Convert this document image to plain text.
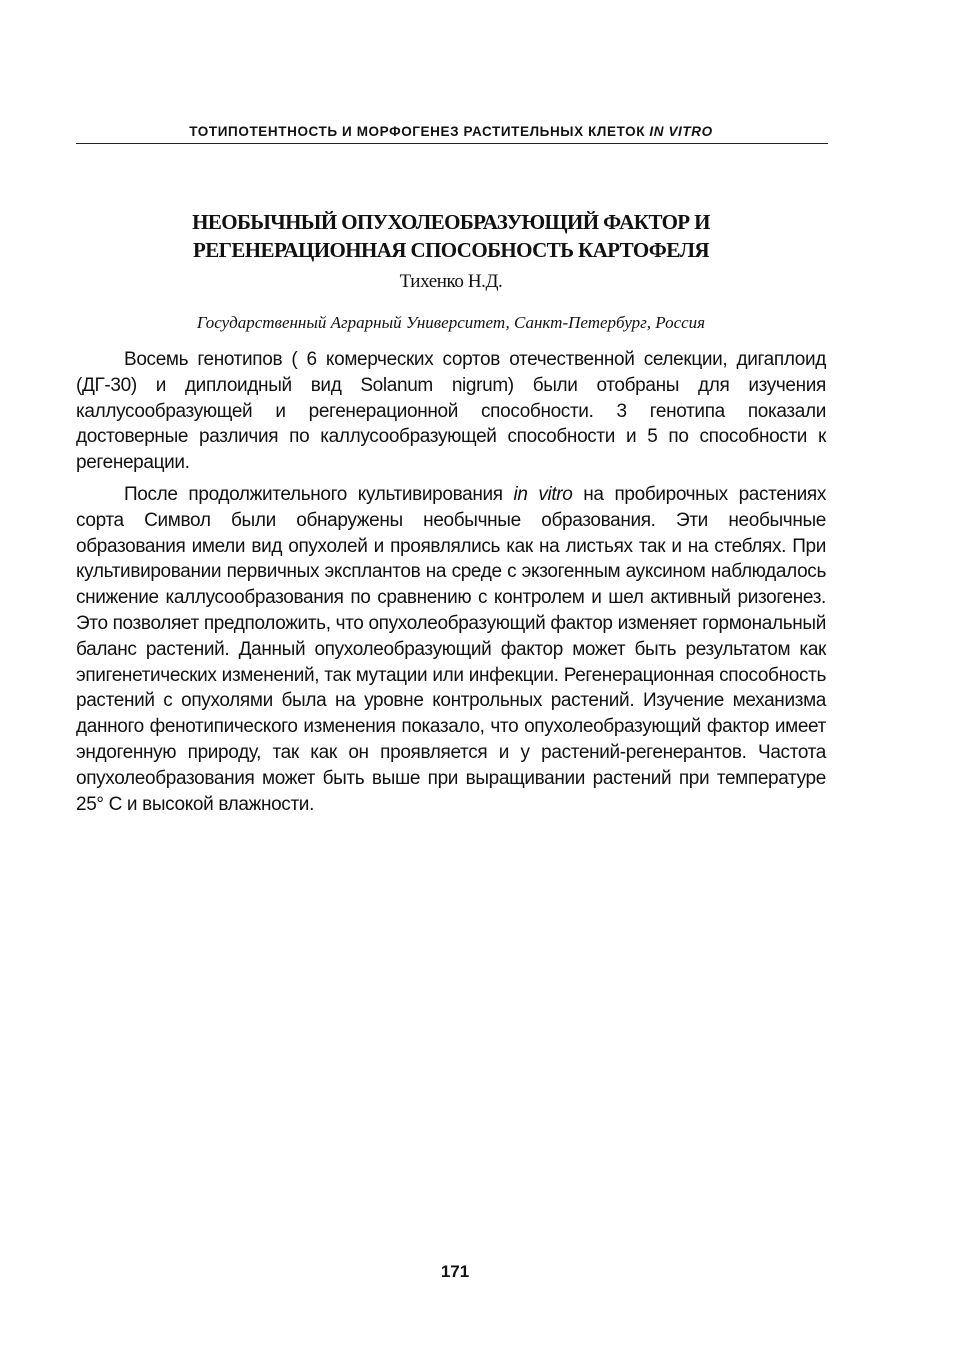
ТОТИПОТЕНТНОСТЬ И МОРФОГЕНЕЗ РАСТИТЕЛЬНЫХ КЛЕТОК IN VITRO
НЕОБЫЧНЫЙ ОПУХОЛЕОБРАЗУЮЩИЙ ФАКТОР И
РЕГЕНЕРАЦИОННАЯ СПОСОБНОСТЬ КАРТОФЕЛЯ
Тихенко Н.Д.
Государственный Аграрный Университет, Санкт-Петербург, Россия

Восемь генотипов ( 6 комерческих сортов отечественной селекции, дигаплоид (ДГ-30) и диплоидный вид Solanum nigrum) были отобраны для изучения каллусообразующей и регенерационной способности. 3 генотипа показали достоверные различия по каллусообразующей способности и 5 по способности к регенерации.

После продолжительного культивирования in vitro на пробирочных растениях сорта Символ были обнаружены необычные образования. Эти необычные образования имели вид опухолей и проявлялись как на листьях так и на стеблях. При культивировании первичных эксплантов на среде с экзогенным ауксином наблюдалось снижение каллусообразования по сравнению с контролем и шел активный ризогенез. Это позволяет предположить, что опухолеобразующий фактор изменяет гормональный баланс растений. Данный опухолеобразующий фактор может быть результатом как эпигенетических изменений, так мутации или инфекции. Регенерационная способность растений с опухолями была на уровне контрольных растений. Изучение механизма данного фенотипического изменения показало, что опухолеобразующий фактор имеет эндогенную природу, так как он проявляется и у растений-регенерантов. Частота опухолеобразования может быть выше при выращивании растений при температуре 25° С и высокой влажности.

171
